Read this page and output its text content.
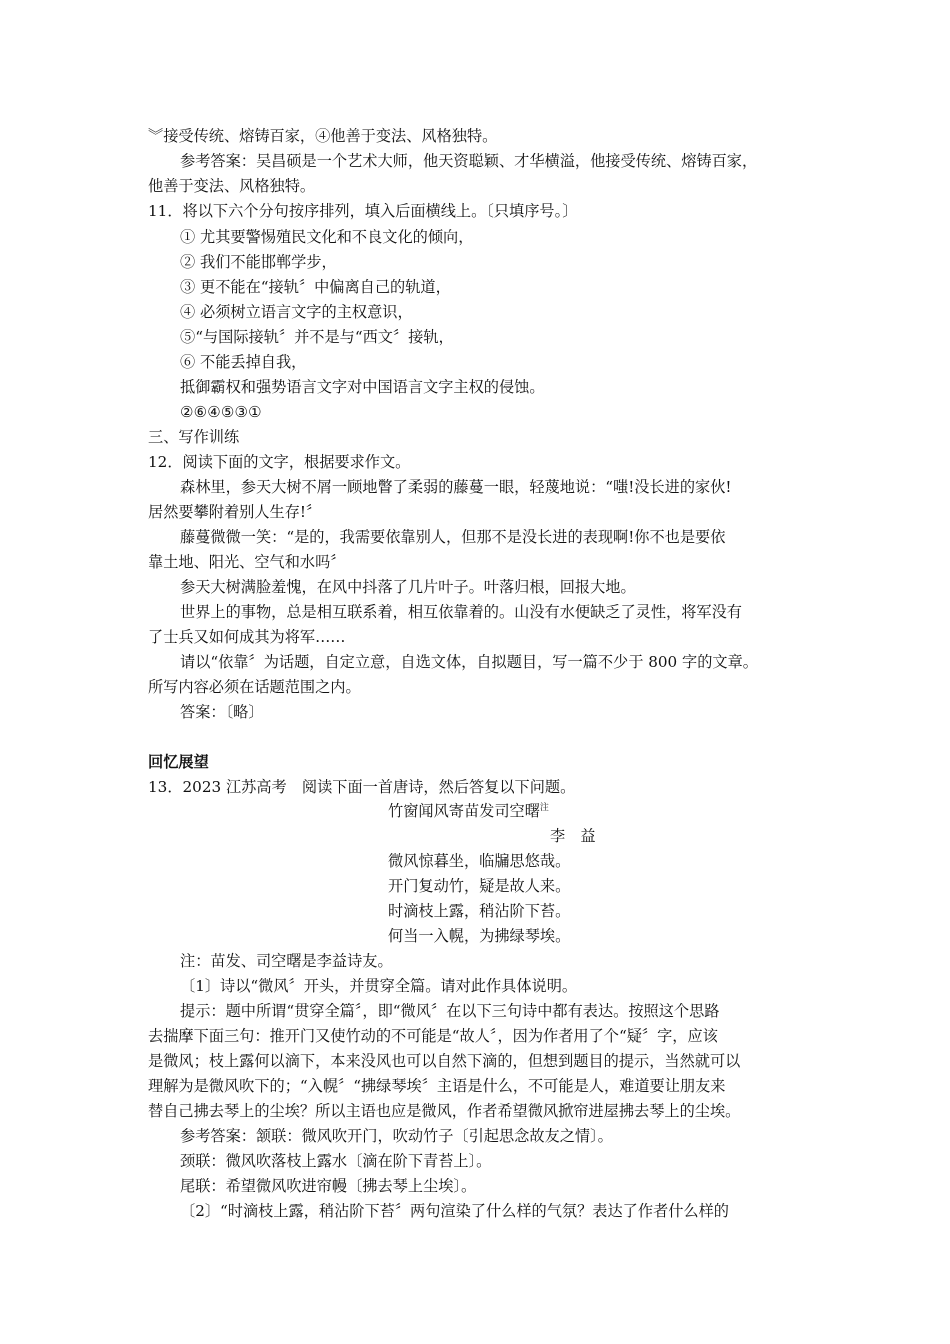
︾接受传统、熔铸百家，④他善于变法、风格独特。
参考答案：吴昌硕是一个艺术大师，他天资聪颖、才华横溢，他接受传统、熔铸百家，
他善于变法、风格独特。
11．将以下六个分句按序排列，填入后面横线上。〔只填序号。〕
① 尤其要警惕殖民文化和不良文化的倾向，
② 我们不能邯郸学步，
③ 更不能在“接轨〞中偏离自己的轨道，
④ 必须树立语言文字的主权意识，
⑤“与国际接轨〞并不是与“西文〞接轨，
⑥ 不能丢掉自我，
抵御霸权和强势语言文字对中国语言文字主权的侵蚀。
②⑥④⑤③①
三、写作训练
12．阅读下面的文字，根据要求作文。
森林里，参天大树不屑一顾地瞥了柔弱的藤蔓一眼，轻蔑地说：“嗤!没长进的家伙!
居然要攀附着别人生存!〞
藤蔓微微一笑：“是的，我需要依靠别人，但那不是没长进的表现啊!你不也是要依
靠土地、阳光、空气和水吗〞
参天大树满脸羞愧，在风中抖落了几片叶子。叶落归根，回报大地。
世界上的事物，总是相互联系着，相互依靠着的。山没有水便缺乏了灵性，将军没有
了士兵又如何成其为将军……
请以“依靠〞为话题，自定立意，自选文体，自拟题目，写一篇不少于 800 字的文章。
所写内容必须在话题范围之内。
答案：〔略〕
回忆展望
13．2023 江苏高考　阅读下面一首唐诗，然后答复以下问题。
竹窗闻风寄苗发司空曙$^注$
李　益
微风惊暮坐，临牖思悠哉。
开门复动竹，疑是故人来。
时滴枝上露，稍沾阶下苔。
何当一入幌，为拂绿琴埃。
注：苗发、司空曙是李益诗友。
〔1〕诗以“微风〞开头，并贯穿全篇。请对此作具体说明。
提示：题中所谓“贯穿全篇〞，即“微风〞在以下三句诗中都有表达。按照这个思路
去揣摩下面三句：推开门又使竹动的不可能是“故人〞，因为作者用了个“疑〞字，应该
是微风；枝上露何以滴下，本来没风也可以自然下滴的，但想到题目的提示，当然就可以
理解为是微风吹下的；“入幌〞“拂绿琴埃〞主语是什么，不可能是人，难道要让朋友来
替自己拂去琴上的尘埃？所以主语也应是微风，作者希望微风掀帘进屋拂去琴上的尘埃。
参考答案：颔联：微风吹开门，吹动竹子〔引起思念故友之情〕。
颈联：微风吹落枝上露水〔滴在阶下青苔上〕。
尾联：希望微风吹进帘幔〔拂去琴上尘埃〕。
〔2〕“时滴枝上露，稍沾阶下苔〞两句渲染了什么样的气氛？表达了作者什么样的
